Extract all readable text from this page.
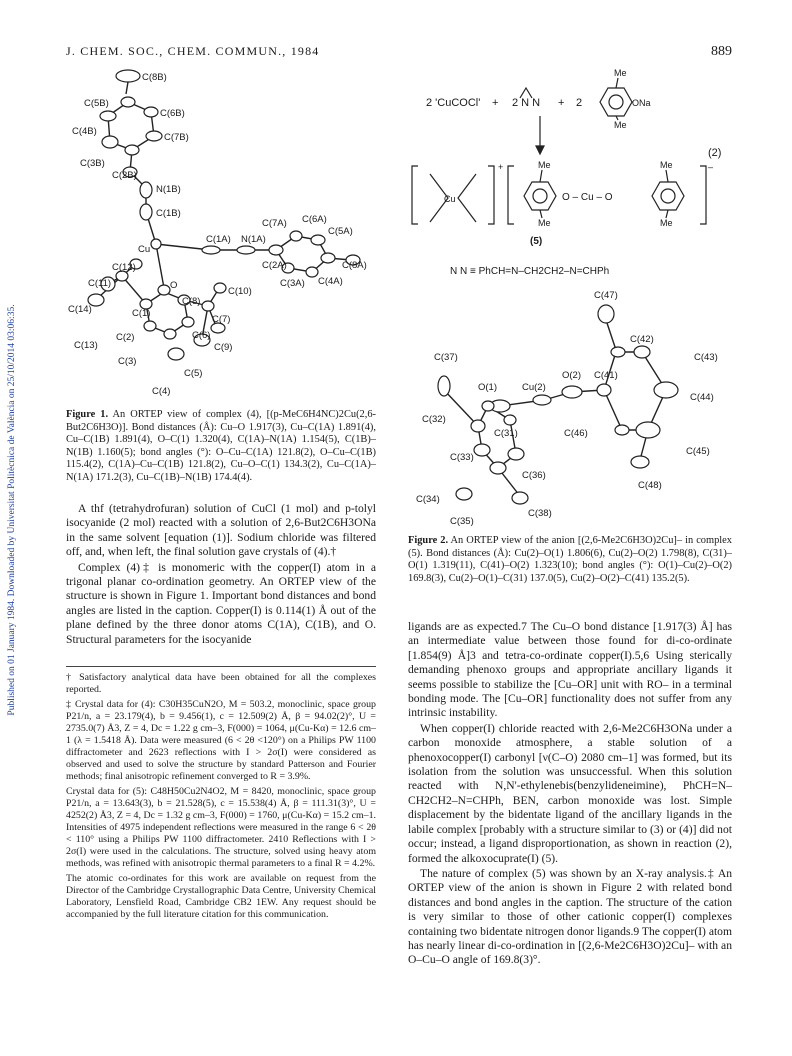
J. CHEM. SOC., CHEM. COMMUN., 1984	889
Published on 01 January 1984. Downloaded by Universitat Politècnica de València on 25/10/2014 03:06:35.
C(8B)
C(5B)
C(6B)
C(4B)
C(7B)
C(3B)
C(2B)
N(1B)
C(1B)
C(7A) C(6A)
C(1A) N(1A)
C(5A)
Cu
C(2A)	C(8A)
C(3A) C(4A)
C(12)
C(11)
C(10)
C(14)
C(8)
C(1)
O
C(7)
C(2)
C(13)
C(6)
C(9)
C(3)
C(5)
C(4)
Figure 1. An ORTEP view of complex (4), [(p-MeC6H4NC)2Cu(2,6-But2C6H3O)]. Bond distances (Å): Cu–O 1.917(3), Cu–C(1A) 1.891(4), Cu–C(1B) 1.891(4), O–C(1) 1.320(4), C(1A)–N(1A) 1.154(5), C(1B)–N(1B) 1.160(5); bond angles (°): O–Cu–C(1A) 121.8(2), O–Cu–C(1B) 115.4(2), C(1A)–Cu–C(1B) 121.8(2), Cu–O–C(1) 134.3(2), Cu–C(1A)–N(1A) 171.2(3), Cu–C(1B)–N(1B) 174.4(4).

A thf (tetrahydrofuran) solution of CuCl (1 mol) and p-tolyl isocyanide (2 mol) reacted with a solution of 2,6-But2C6H3ONa in the same solvent [equation (1)]. Sodium chloride was filtered off, and, when left, the final solution gave crystals of (4).†

Complex (4)‡ is monomeric with the copper(I) atom in a trigonal planar co-ordination geometry. An ORTEP view of the structure is shown in Figure 1. Important bond distances and bond angles are listed in the caption. Copper(I) is 0.114(1) Å out of the plane defined by the three donor atoms C(1A), C(1B), and O. Structural parameters for the isocyanide

† Satisfactory analytical data have been obtained for all the complexes reported.

‡ Crystal data for (4): C30H35CuN2O, M = 503.2, monoclinic, space group P21/n, a = 23.179(4), b = 9.456(1), c = 12.509(2) Å, β = 94.02(2)°, U = 2735.0(7) Å3, Z = 4, Dc = 1.22 g cm–3, F(000) = 1064, μ(Cu-Kα) = 12.6 cm–1 (λ = 1.5418 Å). Data were measured (6 < 2θ <120°) on a Philips PW 1100 diffractometer and 2623 reflections with I > 2σ(I) were considered as observed and used to solve the structure by standard Patterson and Fourier methods; final anisotropic refinement converged to R = 3.9%.

Crystal data for (5): C48H50Cu2N4O2, M = 8420, monoclinic, space group P21/n, a = 13.643(3), b = 21.528(5), c = 15.538(4) Å, β = 111.31(3)°, U = 4252(2) Å3, Z = 4, Dc = 1.32 g cm–3, F(000) = 1760, μ(Cu-Kα) = 15.2 cm–1. Intensities of 4975 independent reflections were measured in the range 6 < 2θ < 110° using a Philips PW 1100 diffractometer. 2410 Reflections with I > 2σ(I) were used in the calculations. The structure, solved using heavy atom methods, was refined with anisotropic thermal parameters to a final R = 4.2%.

The atomic co-ordinates for this work are available on request from the Director of the Cambridge Crystallographic Data Centre, University Chemical Laboratory, Lensfield Road, Cambridge CB2 1EW. Any request should be accompanied by the full literature citation for this communication.

2 'CuCOCl' + 2 N N + 2
Me
ONa
Me
(2)
Cu
+	Me
Me
Me
Me
O – Cu – O
–
(5)
N N ≡ PhCH=N–CH2CH2–N=CHPh
C(47)
C(42)
C(37)	C(43)
O(2) C(41)
O(1)	Cu(2)
C(32)
C(44)
C(31)	C(46)
C(33)
C(45)
C(36)
C(48)
C(34)
C(38)
C(35)
Figure 2. An ORTEP view of the anion [(2,6-Me2C6H3O)2Cu]– in complex (5). Bond distances (Å): Cu(2)–O(1) 1.806(6), Cu(2)–O(2) 1.798(8), C(31)–O(1) 1.319(11), C(41)–O(2) 1.323(10); bond angles (°): O(1)–Cu(2)–O(2) 169.8(3), Cu(2)–O(1)–C(31) 137.0(5), Cu(2)–O(2)–C(41) 135.2(5).

ligands are as expected.7 The Cu–O bond distance [1.917(3) Å] has an intermediate value between those found for di-co-ordinate [1.854(9) Å]3 and tetra-co-ordinate copper(I).5,6 Using sterically demanding phenoxo groups and appropriate ancillary ligands it seems possible to stabilize the [Cu–OR] unit with RO– in a terminal bonding mode. The [Cu–OR] functionality does not suffer from any intrinsic instability.

When copper(I) chloride reacted with 2,6-Me2C6H3ONa under a carbon monoxide atmosphere, a stable solution of a phenoxocopper(I) carbonyl [ν(C–O) 2080 cm–1] was formed, but its isolation from the solution was unsuccessful. When this solution reacted with N,N'-ethylenebis(benzylideneimine), PhCH=N–CH2CH2–N=CHPh, BEN, carbon monoxide was lost. Simple displacement by the bidentate ligand of the ancillary ligands in the labile complex [probably with a structure similar to (3) or (4)] did not occur; instead, a ligand disproportionation, as shown in reaction (2), formed the alkoxocuprate(I) (5).

The nature of complex (5) was shown by an X-ray analysis.‡ An ORTEP view of the anion is shown in Figure 2 with related bond distances and bond angles in the caption. The structure of the cation is very similar to those of other cationic copper(I) complexes containing two bidentate nitrogen donor ligands.9 The copper(I) atom has nearly linear di-co-ordination in [(2,6-Me2C6H3O)2Cu]– with an O–Cu–O angle of 169.8(3)°.
